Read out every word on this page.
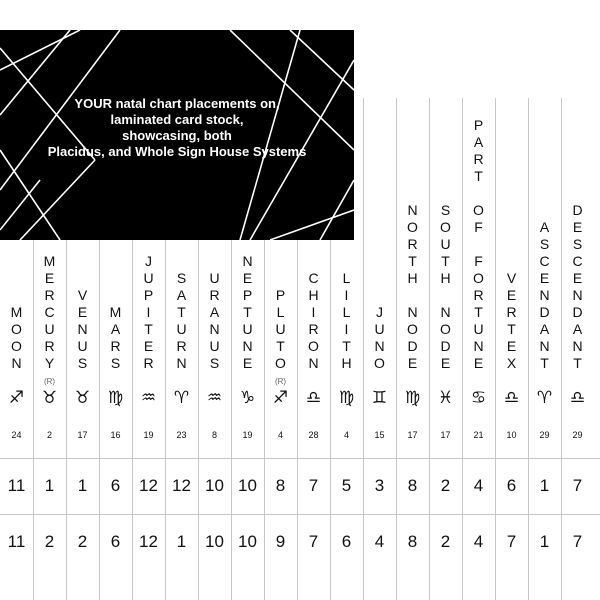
M
O
O
N
♐
24
11
11
M
E
R
C
U
R
Y
(R)
♉
2
1
2
V
E
N
U
S
♉
17
1
2
M
A
R
S
♍
16
6
6
J
U
P
I
T
E
R
♒
19
12
12
S
A
T
U
R
N
♈
23
12
1
U
R
A
N
U
S
♒
8
10
10
N
E
P
T
U
N
E
♑
19
10
10
P
L
U
T
O
(R)
♐
4
8
9
C
H
I
R
O
N
♎
28
7
7
L
I
L
I
T
H
♍
4
5
6
J
U
N
O
♊
15
3
4
N
O
R
T
H
N
O
D
E
♍
17
8
8
S
O
U
T
H
N
O
D
E
♓
17
2
2
P
A
R
T
O
F
F
O
R
T
U
N
E
♋
21
4
4
V
E
R
T
E
X
♎
10
6
7
A
S
C
E
N
D
A
N
T
♈
29
1
1
D
E
S
C
E
N
D
A
N
T
♎
29
7
7
YOUR natal chart placements on,
laminated card stock,
showcasing, both
Placidus, and Whole Sign House Systems
